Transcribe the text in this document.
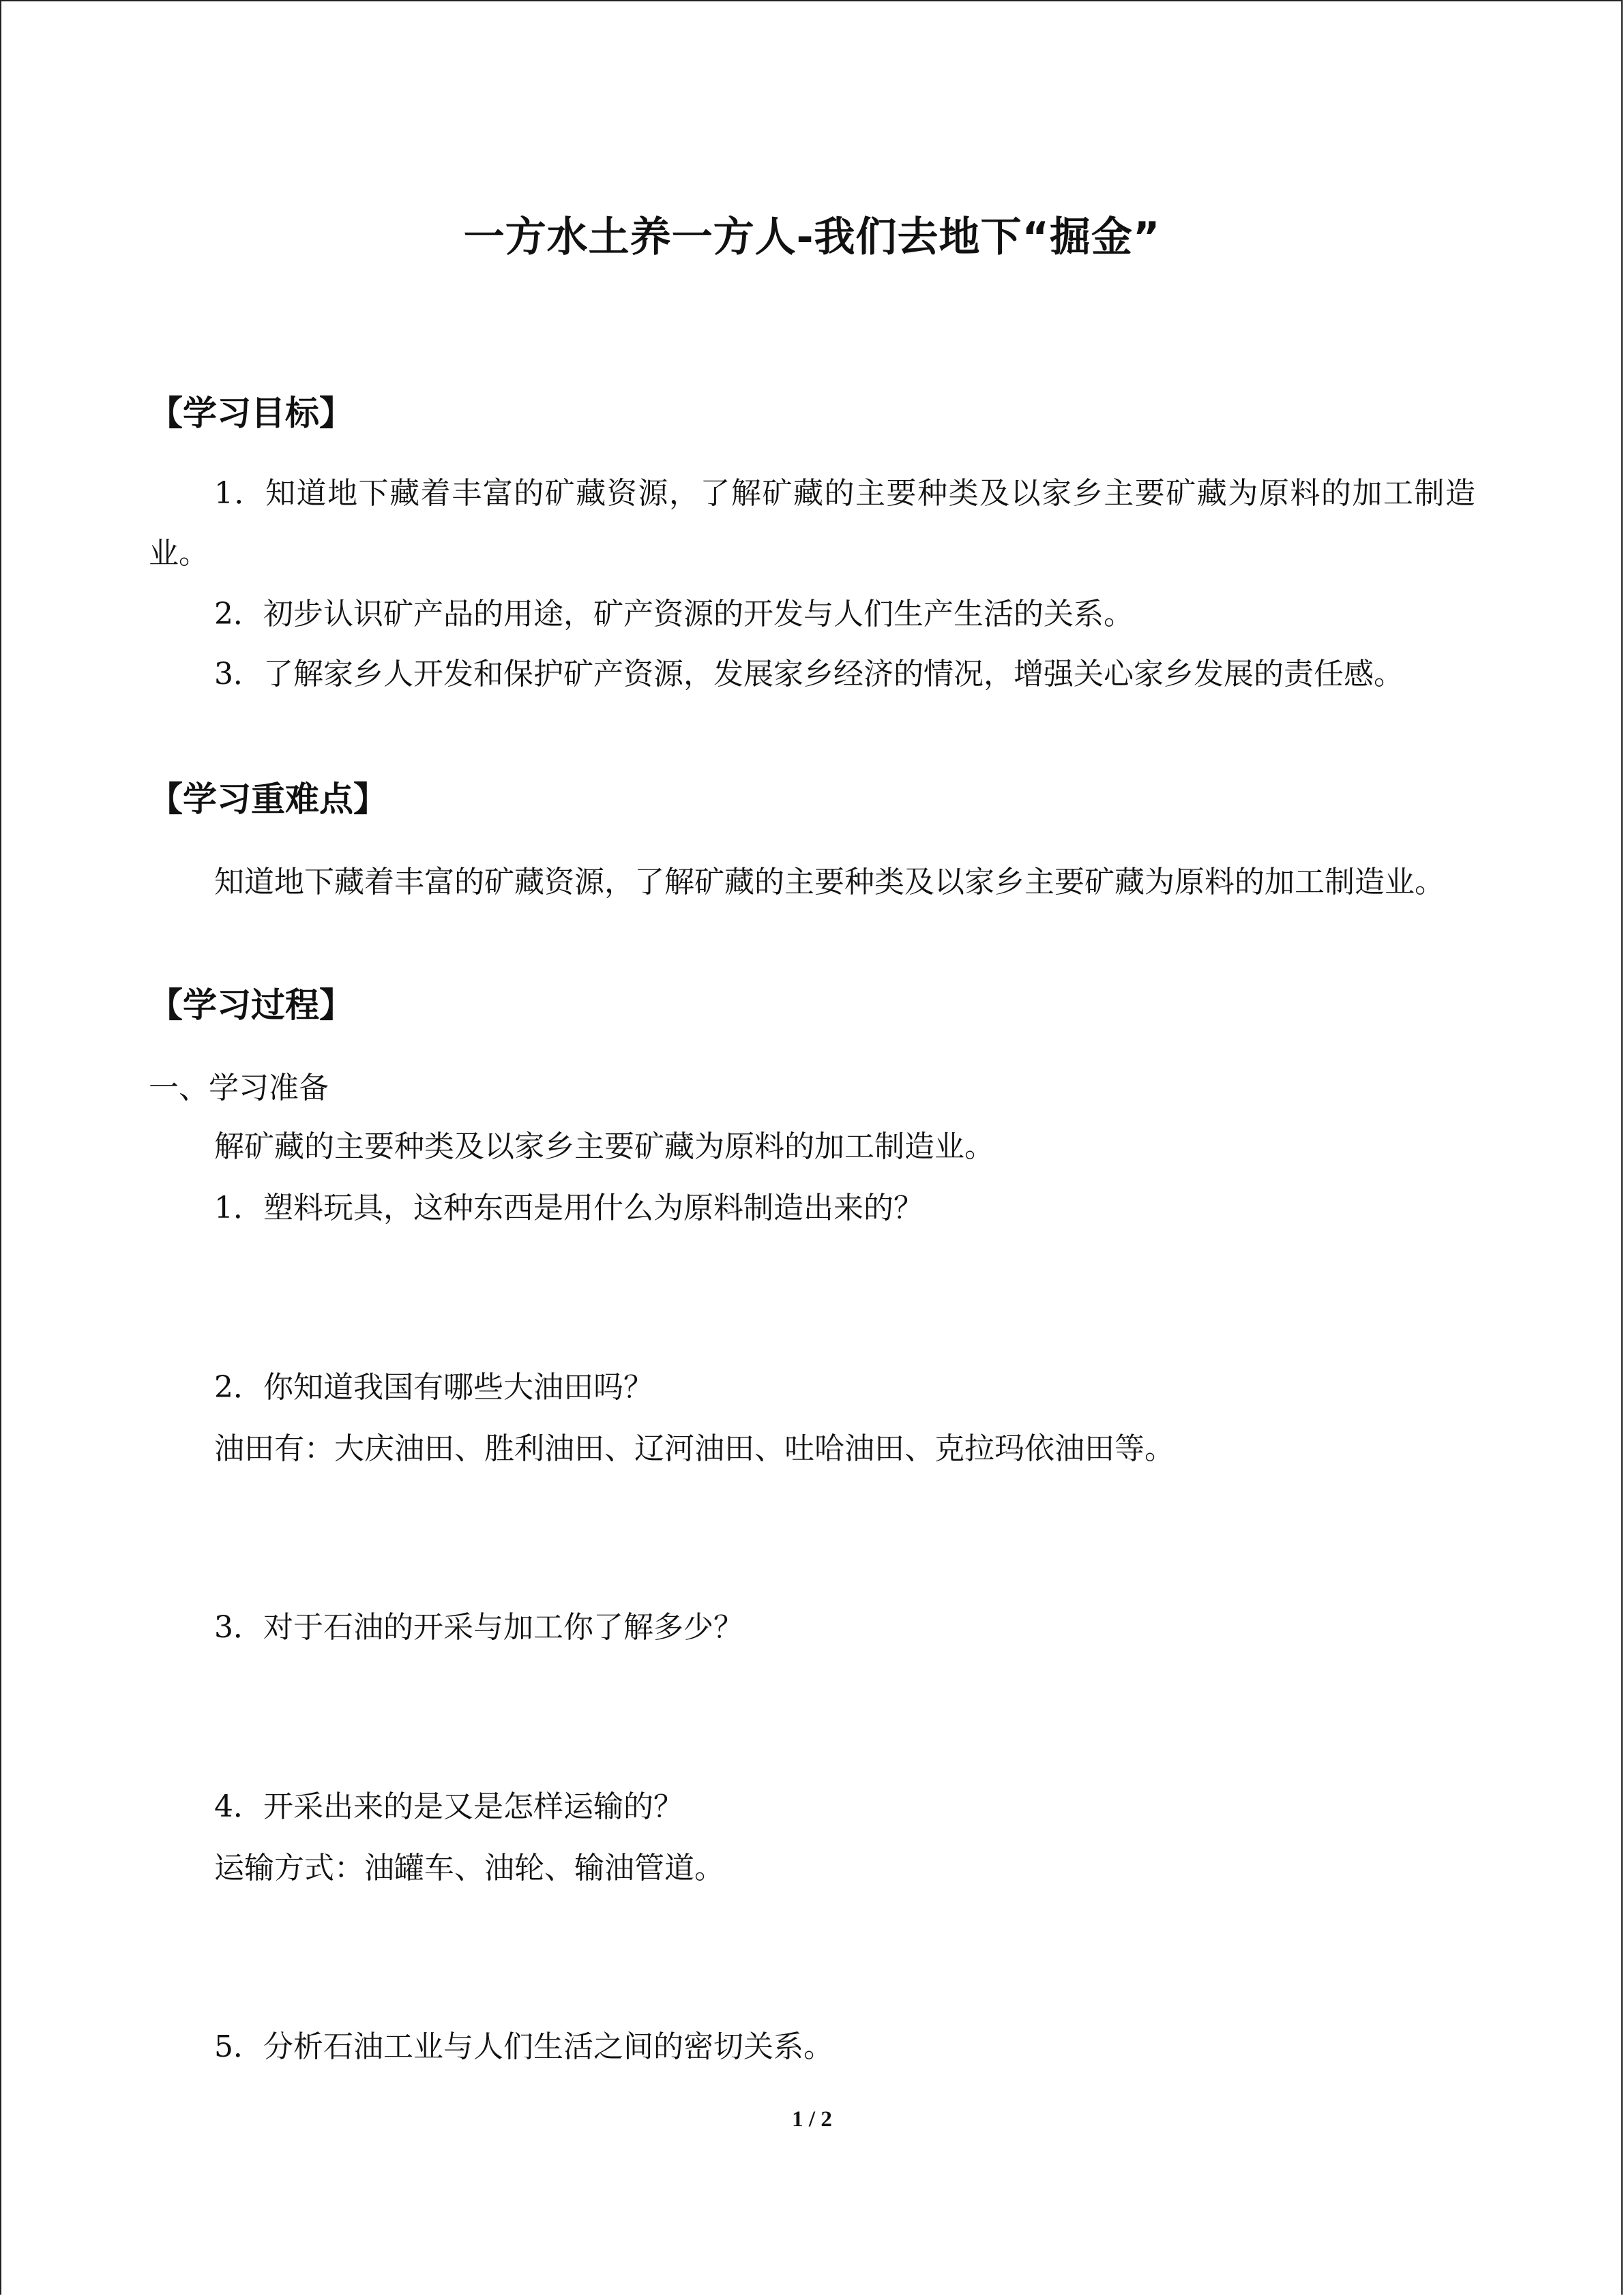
一方水土养一方人-我们去地下“掘金”
【学习目标】
1．知道地下藏着丰富的矿藏资源，了解矿藏的主要种类及以家乡主要矿藏为原料的加工制造业。
2．初步认识矿产品的用途，矿产资源的开发与人们生产生活的关系。
3．了解家乡人开发和保护矿产资源，发展家乡经济的情况，增强关心家乡发展的责任感。
【学习重难点】
知道地下藏着丰富的矿藏资源，了解矿藏的主要种类及以家乡主要矿藏为原料的加工制造业。
【学习过程】
一、学习准备
解矿藏的主要种类及以家乡主要矿藏为原料的加工制造业。
1．塑料玩具，这种东西是用什么为原料制造出来的？
2．你知道我国有哪些大油田吗？
油田有：大庆油田、胜利油田、辽河油田、吐哈油田、克拉玛依油田等。
3．对于石油的开采与加工你了解多少？
4．开采出来的是又是怎样运输的？
运输方式：油罐车、油轮、输油管道。
5．分析石油工业与人们生活之间的密切关系。
1 / 2
